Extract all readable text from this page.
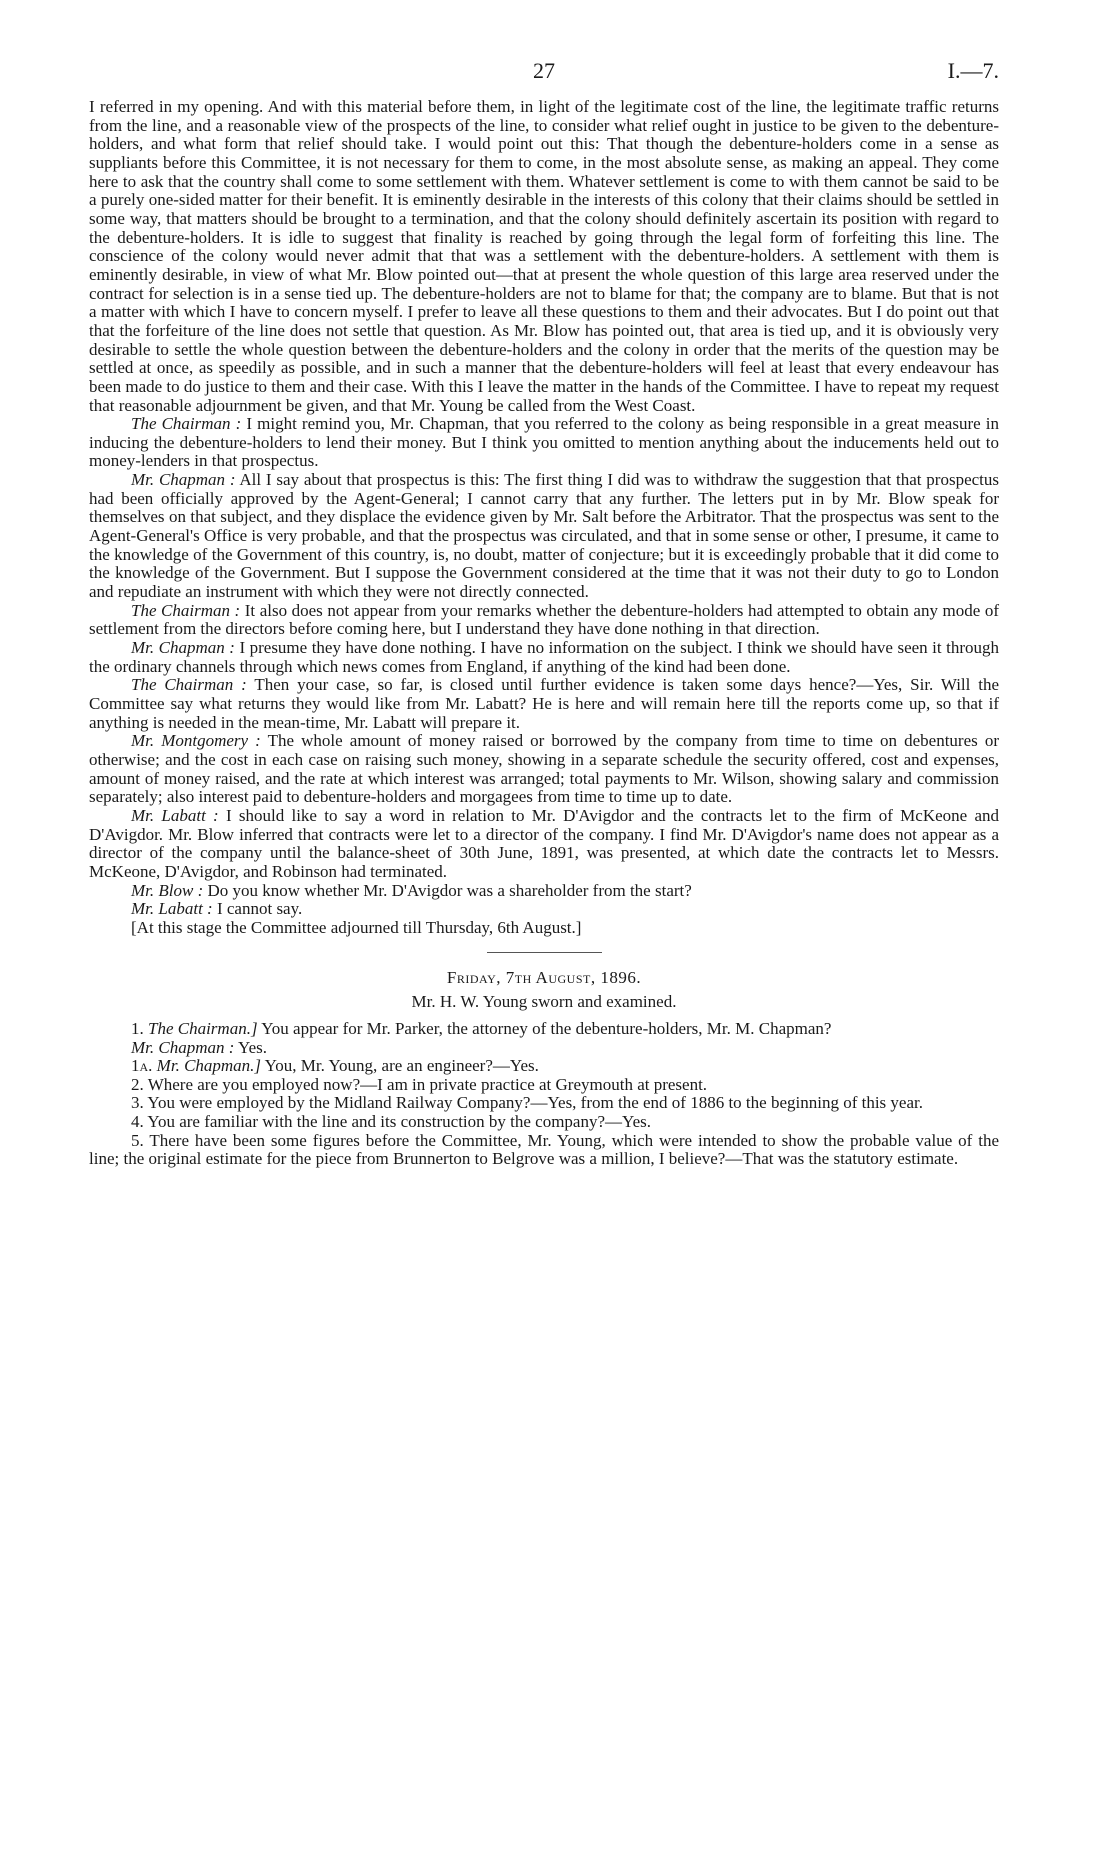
27	I.—7.

I referred in my opening. And with this material before them, in light of the legitimate cost of the line, the legitimate traffic returns from the line, and a reasonable view of the prospects of the line, to consider what relief ought in justice to be given to the debenture-holders, and what form that relief should take. I would point out this: That though the debenture-holders come in a sense as suppliants before this Committee, it is not necessary for them to come, in the most absolute sense, as making an appeal. They come here to ask that the country shall come to some settlement with them. Whatever settlement is come to with them cannot be said to be a purely one-sided matter for their benefit. It is eminently desirable in the interests of this colony that their claims should be settled in some way, that matters should be brought to a termination, and that the colony should definitely ascertain its position with regard to the debenture-holders. It is idle to suggest that finality is reached by going through the legal form of forfeiting this line. The conscience of the colony would never admit that that was a settlement with the debenture-holders. A settlement with them is eminently desirable, in view of what Mr. Blow pointed out—that at present the whole question of this large area reserved under the contract for selection is in a sense tied up. The debenture-holders are not to blame for that; the company are to blame. But that is not a matter with which I have to concern myself. I prefer to leave all these questions to them and their advocates. But I do point out that that the forfeiture of the line does not settle that question. As Mr. Blow has pointed out, that area is tied up, and it is obviously very desirable to settle the whole question between the debenture-holders and the colony in order that the merits of the question may be settled at once, as speedily as possible, and in such a manner that the debenture-holders will feel at least that every endeavour has been made to do justice to them and their case. With this I leave the matter in the hands of the Committee. I have to repeat my request that reasonable adjournment be given, and that Mr. Young be called from the West Coast.

The Chairman : I might remind you, Mr. Chapman, that you referred to the colony as being responsible in a great measure in inducing the debenture-holders to lend their money. But I think you omitted to mention anything about the inducements held out to money-lenders in that prospectus.

Mr. Chapman : All I say about that prospectus is this: The first thing I did was to withdraw the suggestion that that prospectus had been officially approved by the Agent-General; I cannot carry that any further. The letters put in by Mr. Blow speak for themselves on that subject, and they displace the evidence given by Mr. Salt before the Arbitrator. That the prospectus was sent to the Agent-General's Office is very probable, and that the prospectus was circulated, and that in some sense or other, I presume, it came to the knowledge of the Government of this country, is, no doubt, matter of conjecture; but it is exceedingly probable that it did come to the knowledge of the Government. But I suppose the Government considered at the time that it was not their duty to go to London and repudiate an instrument with which they were not directly connected.

The Chairman : It also does not appear from your remarks whether the debenture-holders had attempted to obtain any mode of settlement from the directors before coming here, but I understand they have done nothing in that direction.

Mr. Chapman : I presume they have done nothing. I have no information on the subject. I think we should have seen it through the ordinary channels through which news comes from England, if anything of the kind had been done.

The Chairman : Then your case, so far, is closed until further evidence is taken some days hence?—Yes, Sir. Will the Committee say what returns they would like from Mr. Labatt? He is here and will remain here till the reports come up, so that if anything is needed in the mean-time, Mr. Labatt will prepare it.

Mr. Montgomery : The whole amount of money raised or borrowed by the company from time to time on debentures or otherwise; and the cost in each case on raising such money, showing in a separate schedule the security offered, cost and expenses, amount of money raised, and the rate at which interest was arranged; total payments to Mr. Wilson, showing salary and commission separately; also interest paid to debenture-holders and morgagees from time to time up to date.

Mr. Labatt : I should like to say a word in relation to Mr. D'Avigdor and the contracts let to the firm of McKeone and D'Avigdor. Mr. Blow inferred that contracts were let to a director of the company. I find Mr. D'Avigdor's name does not appear as a director of the company until the balance-sheet of 30th June, 1891, was presented, at which date the contracts let to Messrs. McKeone, D'Avigdor, and Robinson had terminated.

Mr. Blow : Do you know whether Mr. D'Avigdor was a shareholder from the start?

Mr. Labatt : I cannot say.

[At this stage the Committee adjourned till Thursday, 6th August.]

Friday, 7th August, 1896.
Mr. H. W. Young sworn and examined.

1. The Chairman.] You appear for Mr. Parker, the attorney of the debenture-holders, Mr. M. Chapman?

Mr. Chapman : Yes.

1a. Mr. Chapman.] You, Mr. Young, are an engineer?—Yes.

2. Where are you employed now?—I am in private practice at Greymouth at present.

3. You were employed by the Midland Railway Company?—Yes, from the end of 1886 to the beginning of this year.

4. You are familiar with the line and its construction by the company?—Yes.

5. There have been some figures before the Committee, Mr. Young, which were intended to show the probable value of the line; the original estimate for the piece from Brunnerton to Belgrove was a million, I believe?—That was the statutory estimate.
